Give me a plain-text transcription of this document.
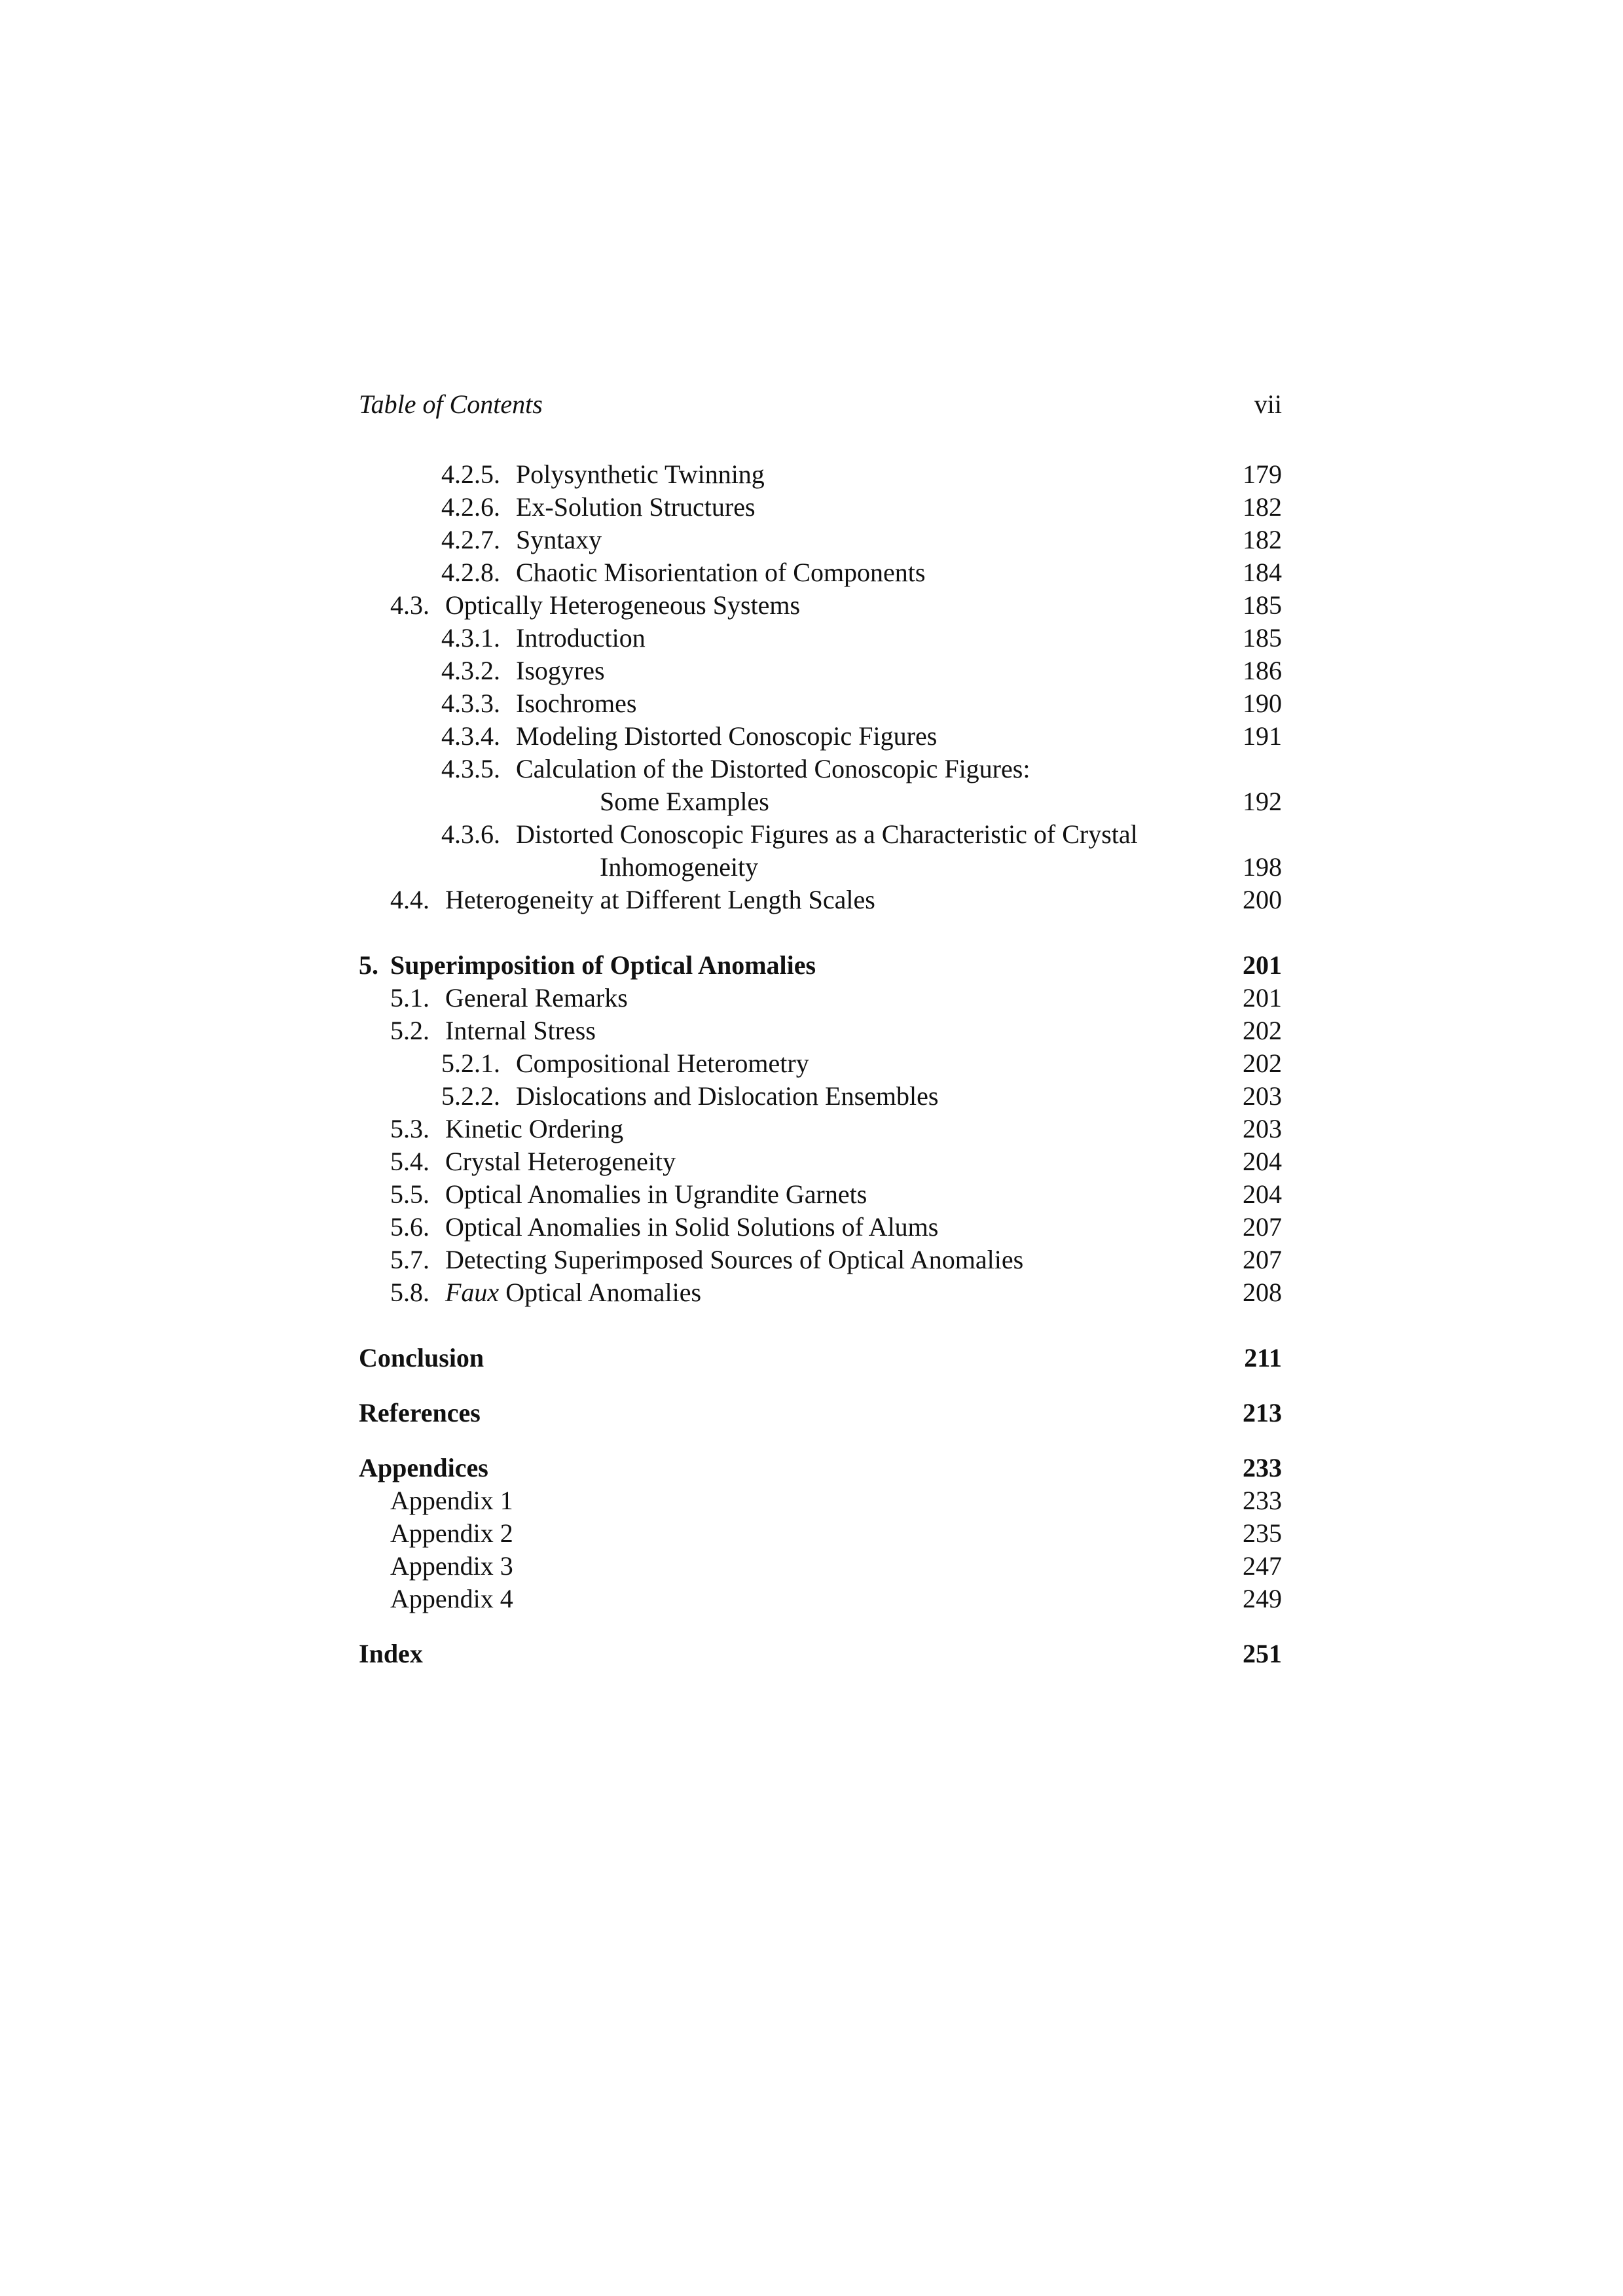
Table of Contents	vii
4.2.5. Polysynthetic Twinning	179
4.2.6. Ex-Solution Structures	182
4.2.7. Syntaxy	182
4.2.8. Chaotic Misorientation of Components	184
4.3. Optically Heterogeneous Systems	185
4.3.1. Introduction	185
4.3.2. Isogyres	186
4.3.3. Isochromes	190
4.3.4. Modeling Distorted Conoscopic Figures	191
4.3.5. Calculation of the Distorted Conoscopic Figures:
Some Examples	192
4.3.6. Distorted Conoscopic Figures as a Characteristic of Crystal
Inhomogeneity	198
4.4. Heterogeneity at Different Length Scales	200
5. Superimposition of Optical Anomalies	201
5.1. General Remarks	201
5.2. Internal Stress	202
5.2.1. Compositional Heterometry	202
5.2.2. Dislocations and Dislocation Ensembles	203
5.3. Kinetic Ordering	203
5.4. Crystal Heterogeneity	204
5.5. Optical Anomalies in Ugrandite Garnets	204
5.6. Optical Anomalies in Solid Solutions of Alums	207
5.7. Detecting Superimposed Sources of Optical Anomalies	207
5.8. Faux Optical Anomalies	208
Conclusion	211
References	213
Appendices	233
Appendix 1	233
Appendix 2	235
Appendix 3	247
Appendix 4	249
Index	251
